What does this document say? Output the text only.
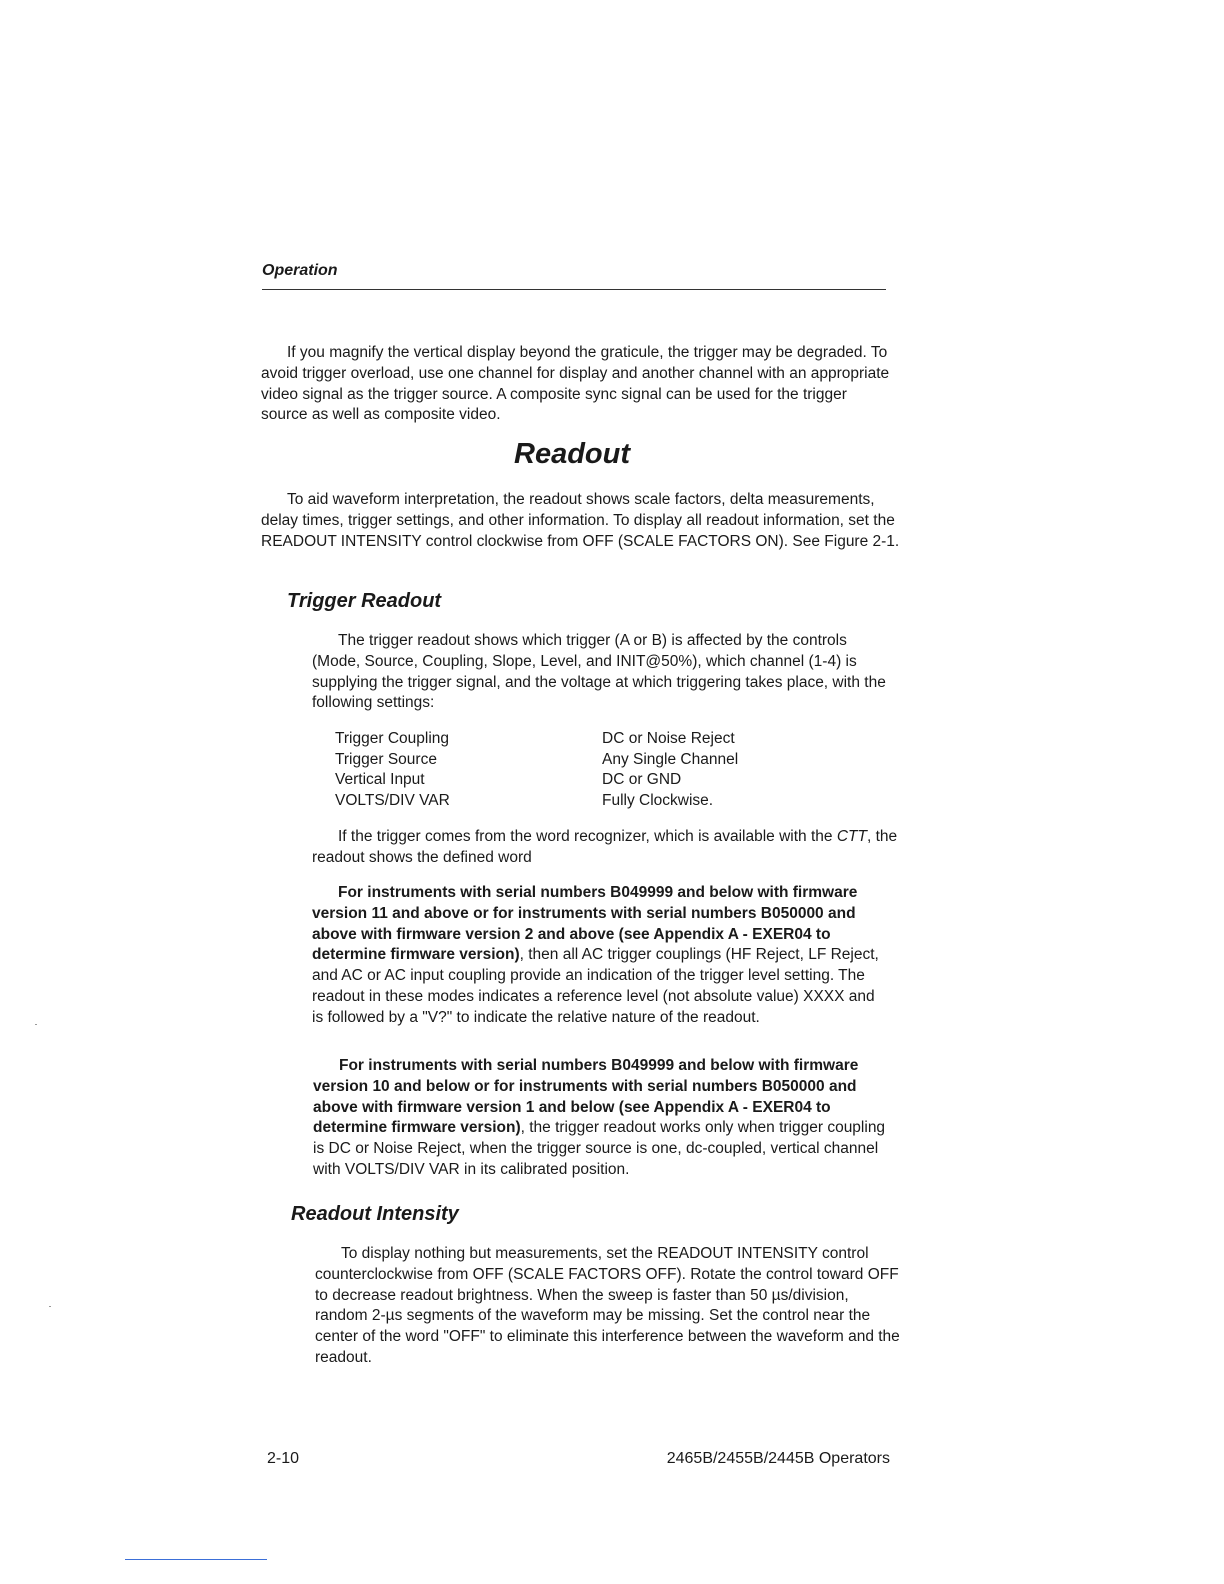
Operation

If you magnify the vertical display beyond the graticule, the trigger may be degraded. To avoid trigger overload, use one channel for display and another channel with an appropriate video signal as the trigger source. A composite sync signal can be used for the trigger source as well as composite video.

Readout

To aid waveform interpretation, the readout shows scale factors, delta measurements, delay times, trigger settings, and other information. To display all readout information, set the READOUT INTENSITY control clockwise from OFF (SCALE FACTORS ON). See Figure 2-1.

Trigger Readout

The trigger readout shows which trigger (A or B) is affected by the controls (Mode, Source, Coupling, Slope, Level, and INIT@50%), which channel (1-4) is supplying the trigger signal, and the voltage at which triggering takes place, with the following settings:

Trigger Coupling	DC or Noise Reject
Trigger Source	Any Single Channel
Vertical Input	DC or GND
VOLTS/DIV VAR	Fully Clockwise.

If the trigger comes from the word recognizer, which is available with the CTT, the readout shows the defined word

For instruments with serial numbers B049999 and below with firmware version 11 and above or for instruments with serial numbers B050000 and above with firmware version 2 and above (see Appendix A - EXER04 to determine firmware version), then all AC trigger couplings (HF Reject, LF Reject, and AC or AC input coupling provide an indication of the trigger level setting. The readout in these modes indicates a reference level (not absolute value) XXXX and is followed by a "V?" to indicate the relative nature of the readout.

For instruments with serial numbers B049999 and below with firmware version 10 and below or for instruments with serial numbers B050000 and above with firmware version 1 and below (see Appendix A - EXER04 to determine firmware version), the trigger readout works only when trigger coupling is DC or Noise Reject, when the trigger source is one, dc-coupled, vertical channel with VOLTS/DIV VAR in its calibrated position.

Readout Intensity

To display nothing but measurements, set the READOUT INTENSITY control counterclockwise from OFF (SCALE FACTORS OFF). Rotate the control toward OFF to decrease readout brightness. When the sweep is faster than 50 µs/division, random 2-µs segments of the waveform may be missing. Set the control near the center of the word "OFF" to eliminate this interference between the waveform and the readout.

2-10	2465B/2455B/2445B Operators
